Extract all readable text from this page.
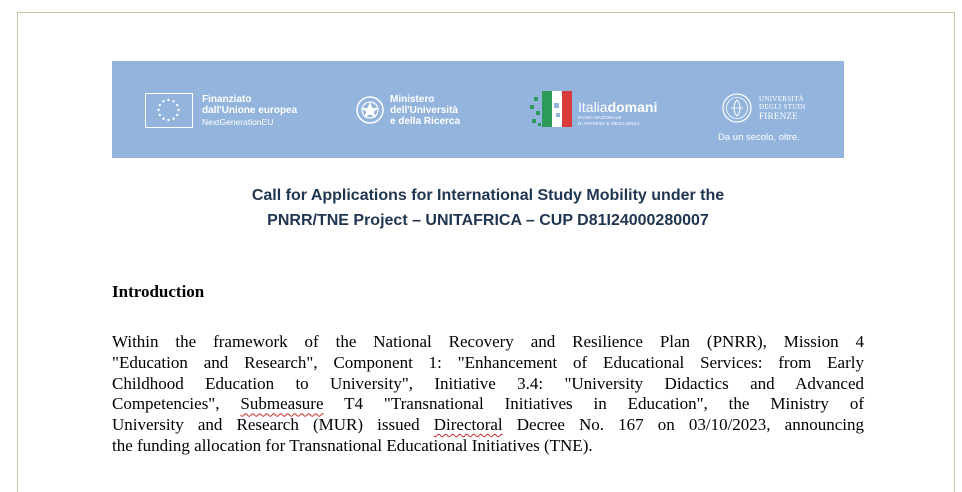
Finanziato
dall'Unione europea
NextGenerationEU
Ministero
dell'Università
e della Ricerca
Italiadomani
PIANO NAZIONALE
DI RIPRESA E RESILIENZA
UNIVERSITÀ
DEGLI STUDI
FIRENZE
Da un secolo, oltre.
Call for Applications for International Study Mobility under the
PNRR/TNE Project – UNITAFRICA – CUP D81I24000280007
Introduction
Within the framework of the National Recovery and Resilience Plan (PNRR), Mission 4
"Education and Research", Component 1: "Enhancement of Educational Services: from Early
Childhood Education to University", Initiative 3.4: "University Didactics and Advanced
Competencies", Submeasure T4 "Transnational Initiatives in Education", the Ministry of
University and Research (MUR) issued Directoral Decree No. 167 on 03/10/2023, announcing
the funding allocation for Transnational Educational Initiatives (TNE).
